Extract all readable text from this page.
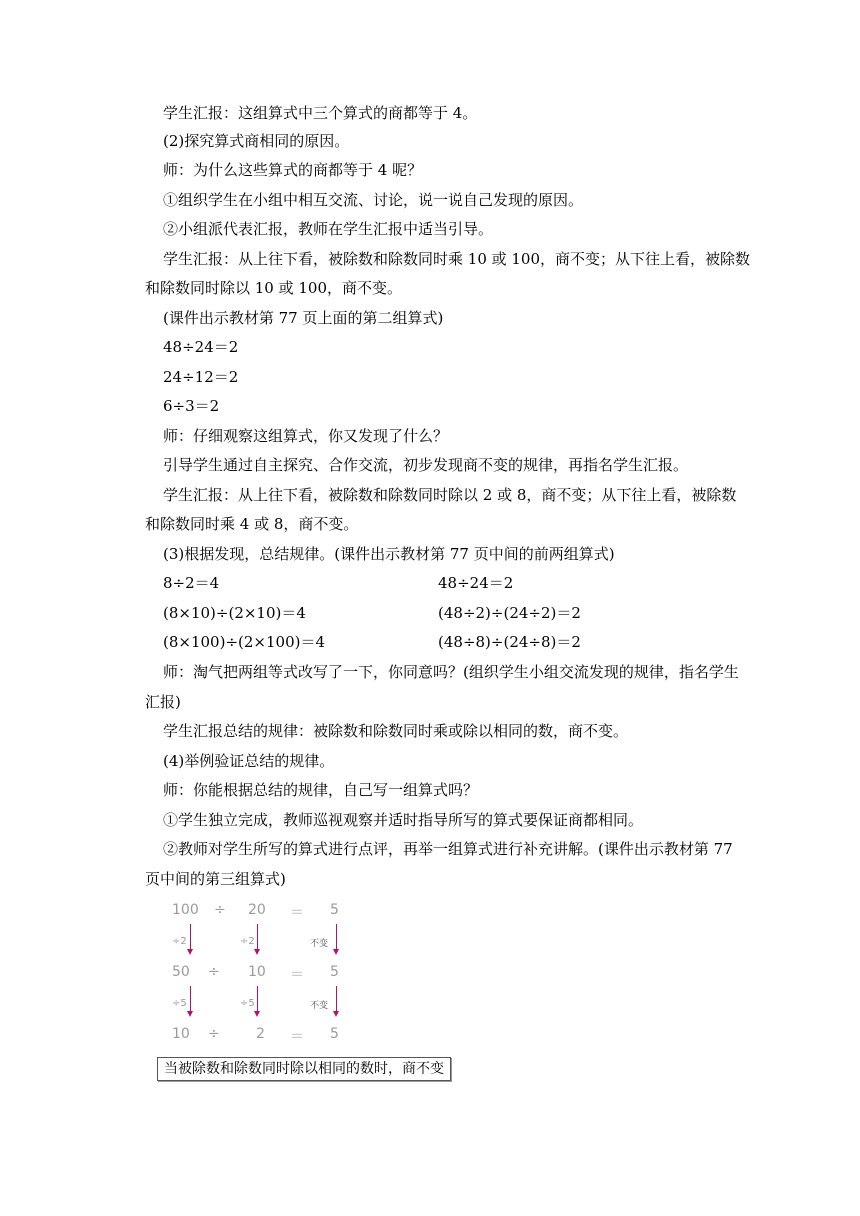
学生汇报：这组算式中三个算式的商都等于 4。
(2)探究算式商相同的原因。
师：为什么这些算式的商都等于 4 呢？
①组织学生在小组中相互交流、讨论，说一说自己发现的原因。
②小组派代表汇报，教师在学生汇报中适当引导。
学生汇报：从上往下看，被除数和除数同时乘 10 或 100，商不变；从下往上看，被除数
和除数同时除以 10 或 100，商不变。
(课件出示教材第 77 页上面的第二组算式)
48÷24＝2
24÷12＝2
6÷3＝2
师：仔细观察这组算式，你又发现了什么？
引导学生通过自主探究、合作交流，初步发现商不变的规律，再指名学生汇报。
学生汇报：从上往下看，被除数和除数同时除以 2 或 8，商不变；从下往上看，被除数
和除数同时乘 4 或 8，商不变。
(3)根据发现，总结规律。(课件出示教材第 77 页中间的前两组算式)
8÷2＝4	48÷24＝2
(8×10)÷(2×10)＝4	(48÷2)÷(24÷2)＝2
(8×100)÷(2×100)＝4	(48÷8)÷(24÷8)＝2
师：淘气把两组等式改写了一下，你同意吗？(组织学生小组交流发现的规律，指名学生
汇报)
学生汇报总结的规律：被除数和除数同时乘或除以相同的数，商不变。
(4)举例验证总结的规律。
师：你能根据总结的规律，自己写一组算式吗？
①学生独立完成，教师巡视观察并适时指导所写的算式要保证商都相同。
②教师对学生所写的算式进行点评，再举一组算式进行补充讲解。(课件出示教材第 77
页中间的第三组算式)
100 ÷ 20 ＝ 5
÷2	÷2	不变
50 ÷ 10 ＝ 5
÷5	÷5	不变
10 ÷	2 ＝ 5
当被除数和除数同时除以相同的数时，商不变
